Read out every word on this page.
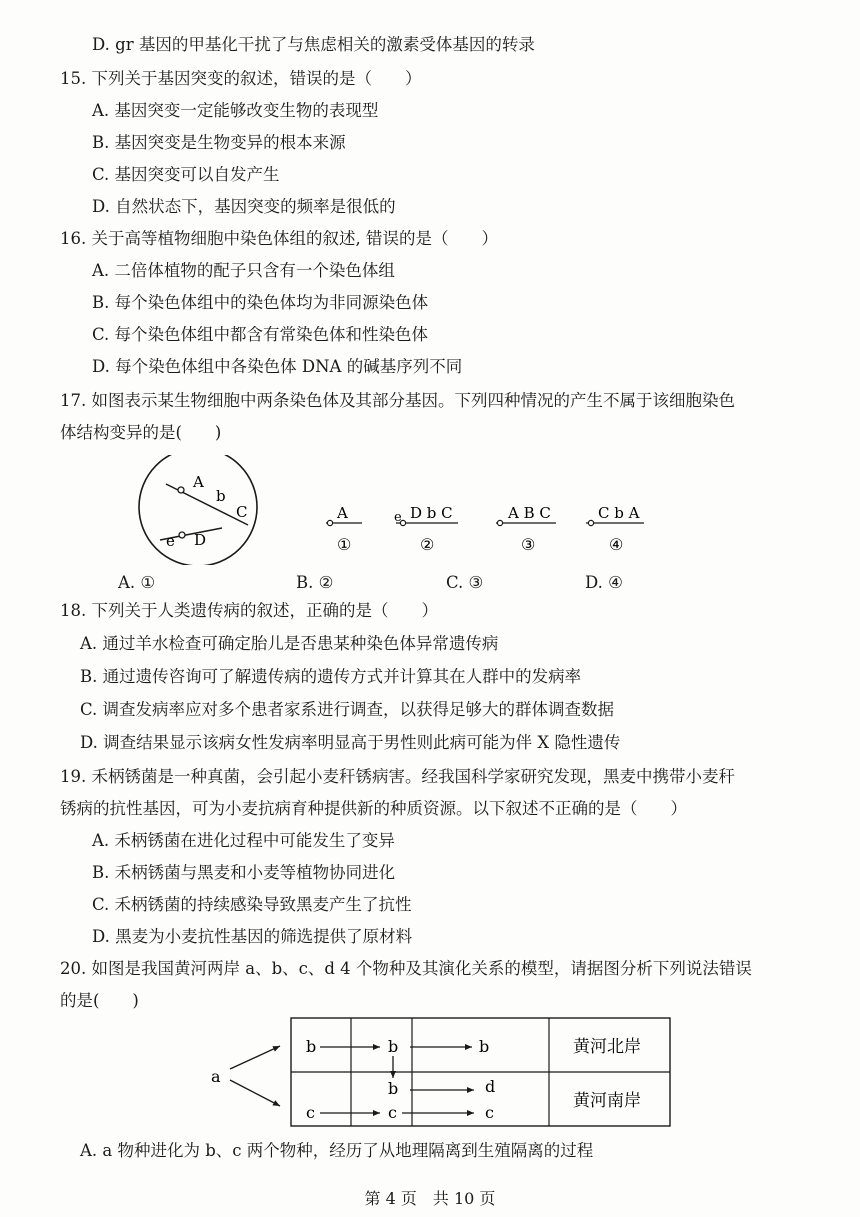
D. gr 基因的甲基化干扰了与焦虑相关的激素受体基因的转录
15. 下列关于基因突变的叙述，错误的是（　　）
A. 基因突变一定能够改变生物的表现型
B. 基因突变是生物变异的根本来源
C. 基因突变可以自发产生
D. 自然状态下，基因突变的频率是很低的
16. 关于高等植物细胞中染色体组的叙述, 错误的是（　　）
A. 二倍体植物的配子只含有一个染色体组
B. 每个染色体组中的染色体均为非同源染色体
C. 每个染色体组中都含有常染色体和性染色体
D. 每个染色体组中各染色体 DNA 的碱基序列不同
17. 如图表示某生物细胞中两条染色体及其部分基因。下列四种情况的产生不属于该细胞染色
体结构变异的是(　　)
A
b
C
e D
A
①
e D b C
②
A B C
③
C b A
④
A. ①	B. ②	C. ③	D. ④
18. 下列关于人类遗传病的叙述，正确的是（　　）
A. 通过羊水检查可确定胎儿是否患某种染色体异常遗传病
B. 通过遗传咨询可了解遗传病的遗传方式并计算其在人群中的发病率
C. 调查发病率应对多个患者家系进行调查，以获得足够大的群体调查数据
D. 调查结果显示该病女性发病率明显高于男性则此病可能为伴 X 隐性遗传
19. 禾柄锈菌是一种真菌，会引起小麦秆锈病害。经我国科学家研究发现，黑麦中携带小麦秆
锈病的抗性基因，可为小麦抗病育种提供新的种质资源。以下叙述不正确的是（　　）
A. 禾柄锈菌在进化过程中可能发生了变异
B. 禾柄锈菌与黑麦和小麦等植物协同进化
C. 禾柄锈菌的持续感染导致黑麦产生了抗性
D. 黑麦为小麦抗性基因的筛选提供了原材料
20. 如图是我国黄河两岸 a、b、c、d 4 个物种及其演化关系的模型，请据图分析下列说法错误
的是(　　)
a
b	b	b
b	d
c	c	c
黄河北岸
黄河南岸
A. a 物种进化为 b、c 两个物种，经历了从地理隔离到生殖隔离的过程
第 4 页　共 10 页
